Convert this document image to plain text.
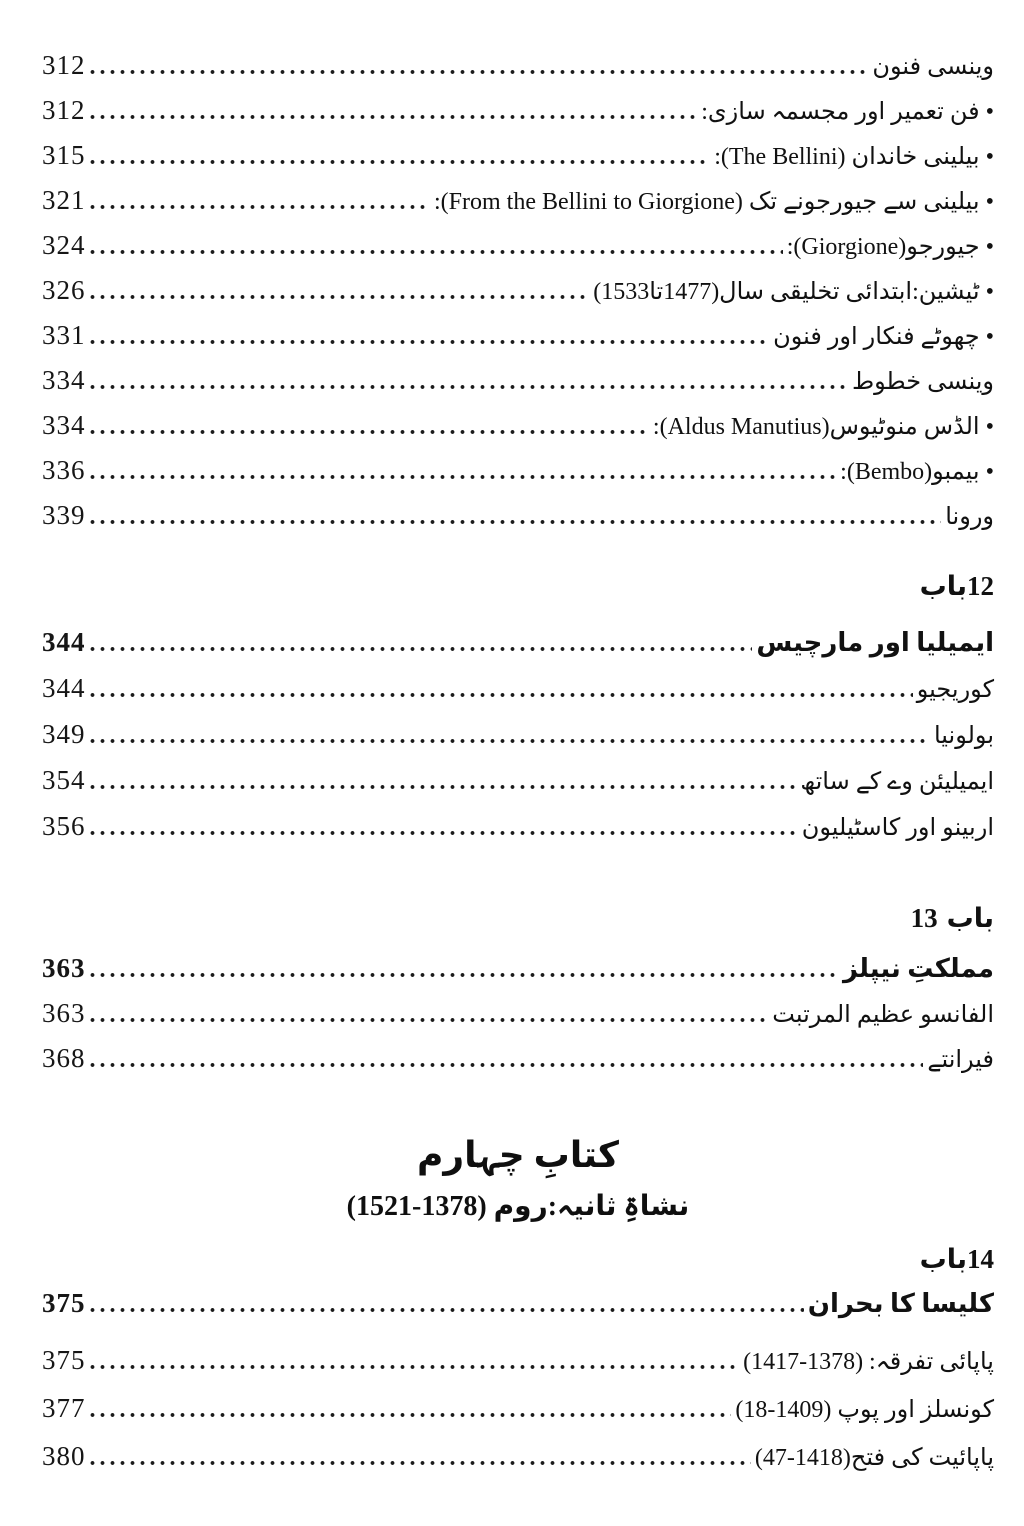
312 .....	وینسی فنون
312 .....	• فن تعمیر اور مجسمہ سازی:
315 .....	• بیلینی خاندان (The Bellini):
321 .....	• بیلینی سے جیورجونے تک (From the Bellini to Giorgione):
324 .....	• جیورجو(Giorgione):
326 .....	• ٹیشین:ابتدائی تخلیقی سال(1477تا1533)
331 .....	• چھوٹے فنکار اور فنون
334 .....	وینسی خطوط
334 .....	• الڈس منوٹیوس(Aldus Manutius):
336 .....	• بیمبو(Bembo):
339 .....	ورونا
باب 12
344 .....	ایمیلیا اور مارچیس
344 .....	کوریجیو
349 .....	بولونیا
354 .....	ایمیلیئن وے کے ساتھ
356 .....	اربینو اور کاسٹیلیون
13 باب
363 .....	مملکتِ نیپلز
363 .....	الفانسو عظیم المرتبت
368 .....	فیرانتے
کتابِ چہارم
نشاۃِ ثانیہ:روم (1378-1521)
باب 14
375 .....	کلیسا کا بحران
375 .....	پاپائی تفرقہ: (1378‏-‏1417)
377 .....	کونسلز اور پوپ (1409-18)
380 .....	پاپائیت کی فتح(1418-47)
